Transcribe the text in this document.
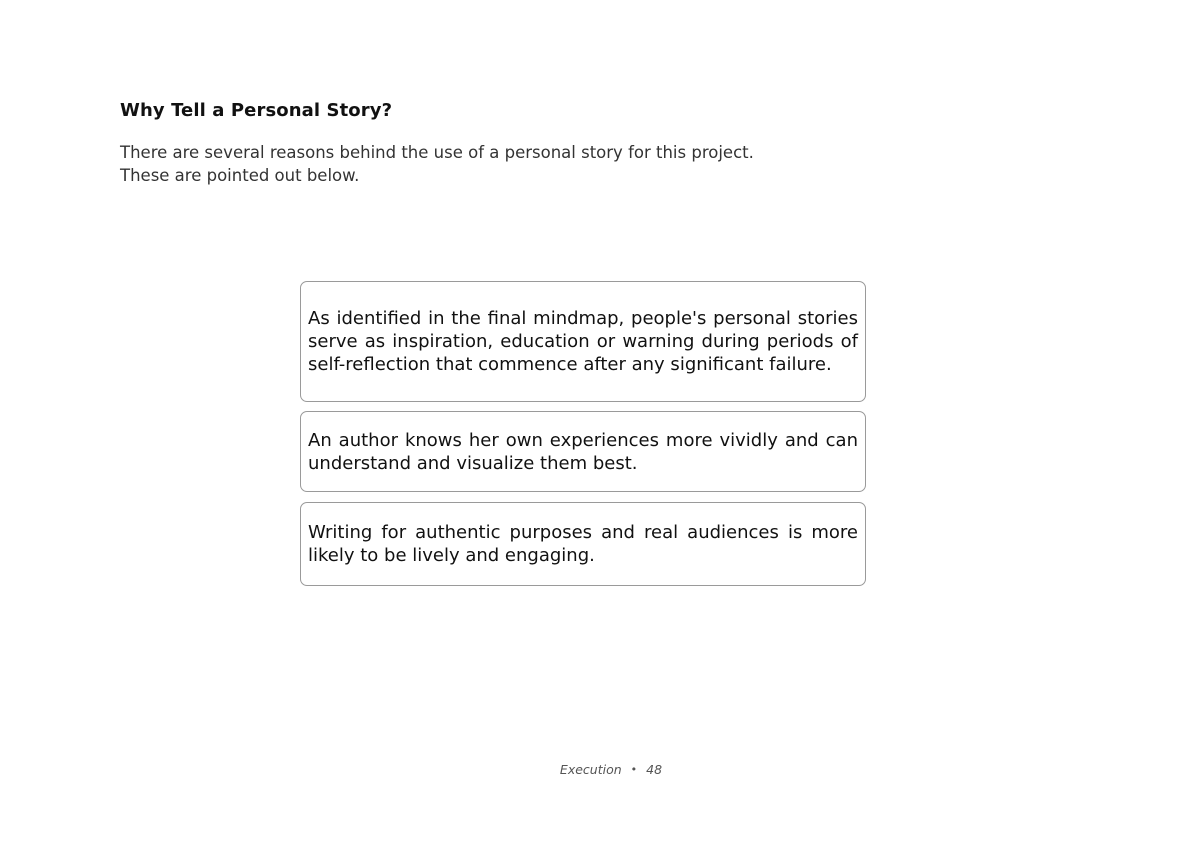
Why Tell a Personal Story?

There are several reasons behind the use of a personal story for this project. These are pointed out below.

As identified in the final mindmap, people's personal stories serve as inspiration, education or warning during periods of self-reflection that commence after any significant failure.

An author knows her own experiences more vividly and can understand and visualize them best.

Writing for authentic purposes and real audiences is more likely to be lively and engaging.

Execution • 48
